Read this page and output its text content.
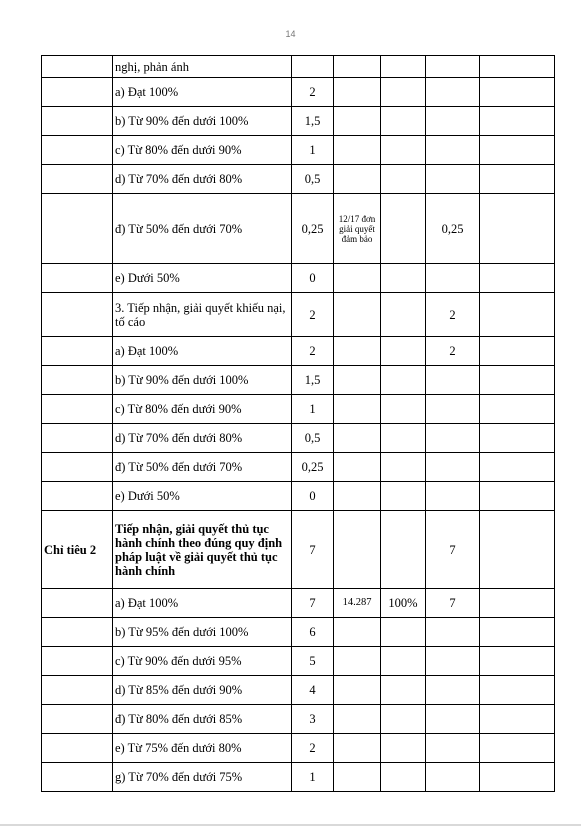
14
	nghị, phản ánh					
	a) Đạt 100%	2				
	b) Từ 90% đến dưới 100%	1,5				
	c) Từ 80% đến dưới 90%	1				
	d) Từ 70% đến dưới 80%	0,5				
	đ) Từ 50% đến dưới 70%	0,25	12/17 đơn giải quyết đảm bảo		0,25	
	e) Dưới 50%	0				
	3. Tiếp nhận, giải quyết khiếu nại, tố cáo	2			2	
	a) Đạt 100%	2			2	
	b) Từ 90% đến dưới 100%	1,5				
	c) Từ 80% đến dưới 90%	1				
	d) Từ 70% đến dưới 80%	0,5				
	đ) Từ 50% đến dưới 70%	0,25				
	e) Dưới 50%	0				
Chỉ tiêu 2	Tiếp nhận, giải quyết thủ tục hành chính theo đúng quy định pháp luật về giải quyết thủ tục hành chính	7			7	
	a) Đạt 100%	7	14.287	100%	7	
	b) Từ 95% đến dưới 100%	6				
	c) Từ 90% đến dưới 95%	5				
	d) Từ 85% đến dưới 90%	4				
	đ) Từ 80% đến dưới 85%	3				
	e) Từ 75% đến dưới 80%	2				
	g) Từ 70% đến dưới 75%	1				
